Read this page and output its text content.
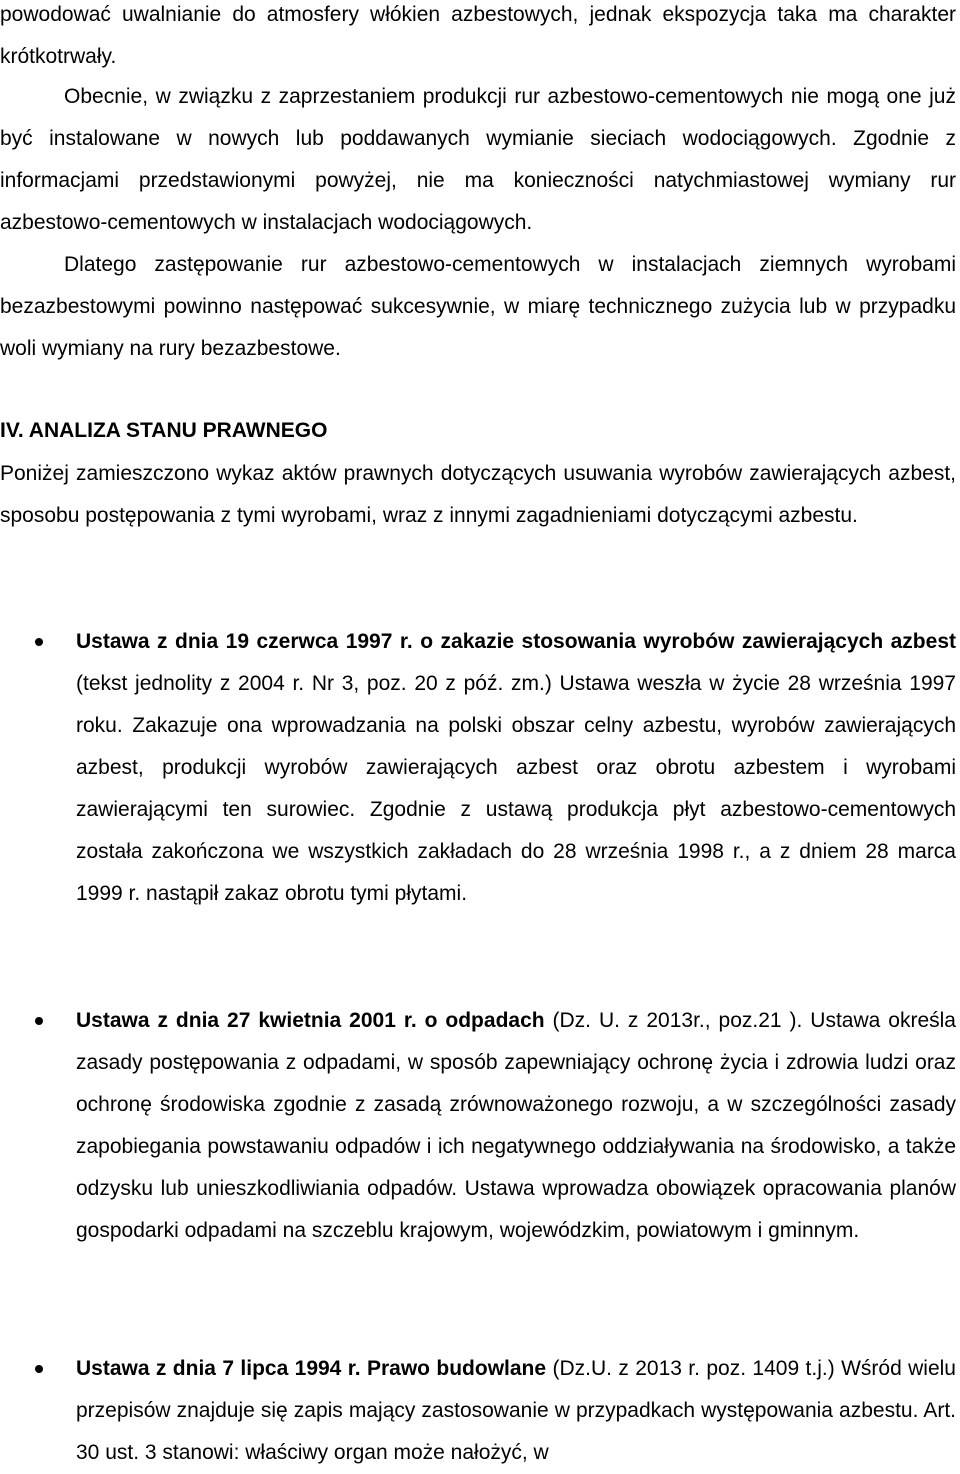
powodować uwalnianie do atmosfery włókien azbestowych, jednak ekspozycja taka ma charakter krótkotrwały.

Obecnie, w związku z zaprzestaniem produkcji rur azbestowo-cementowych nie mogą one już być instalowane w nowych lub poddawanych wymianie sieciach wodociągowych. Zgodnie z informacjami przedstawionymi powyżej, nie ma konieczności natychmiastowej wymiany rur azbestowo-cementowych w instalacjach wodociągowych.

Dlatego zastępowanie rur azbestowo-cementowych w instalacjach ziemnych wyrobami bezazbestowymi powinno następować sukcesywnie, w miarę technicznego zużycia lub w przypadku woli wymiany na rury bezazbestowe.

IV. ANALIZA STANU PRAWNEGO

Poniżej zamieszczono wykaz aktów prawnych dotyczących usuwania wyrobów zawierających azbest, sposobu postępowania z tymi wyrobami, wraz z innymi zagadnieniami dotyczącymi azbestu.

Ustawa z dnia 19 czerwca 1997 r. o zakazie stosowania wyrobów zawierających azbest (tekst jednolity z 2004 r. Nr 3, poz. 20 z póź. zm.) Ustawa weszła w życie 28 września 1997 roku. Zakazuje ona wprowadzania na polski obszar celny azbestu, wyrobów zawierających azbest, produkcji wyrobów zawierających azbest oraz obrotu azbestem i wyrobami zawierającymi ten surowiec. Zgodnie z ustawą produkcja płyt azbestowo-cementowych została zakończona we wszystkich zakładach do 28 września 1998 r., a z dniem 28 marca 1999 r. nastąpił zakaz obrotu tymi płytami.

Ustawa z dnia 27 kwietnia 2001 r. o odpadach (Dz. U. z 2013r., poz.21 ). Ustawa określa zasady postępowania z odpadami, w sposób zapewniający ochronę życia i zdrowia ludzi oraz ochronę środowiska zgodnie z zasadą zrównoważonego rozwoju, a w szczególności zasady zapobiegania powstawaniu odpadów i ich negatywnego oddziaływania na środowisko, a także odzysku lub unieszkodliwiania odpadów. Ustawa wprowadza obowiązek opracowania planów gospodarki odpadami na szczeblu krajowym, wojewódzkim, powiatowym i gminnym.

Ustawa z dnia 7 lipca 1994 r. Prawo budowlane (Dz.U. z 2013 r. poz. 1409 t.j.) Wśród wielu przepisów znajduje się zapis mający zastosowanie w przypadkach występowania azbestu. Art. 30 ust. 3 stanowi: właściwy organ może nałożyć, w
